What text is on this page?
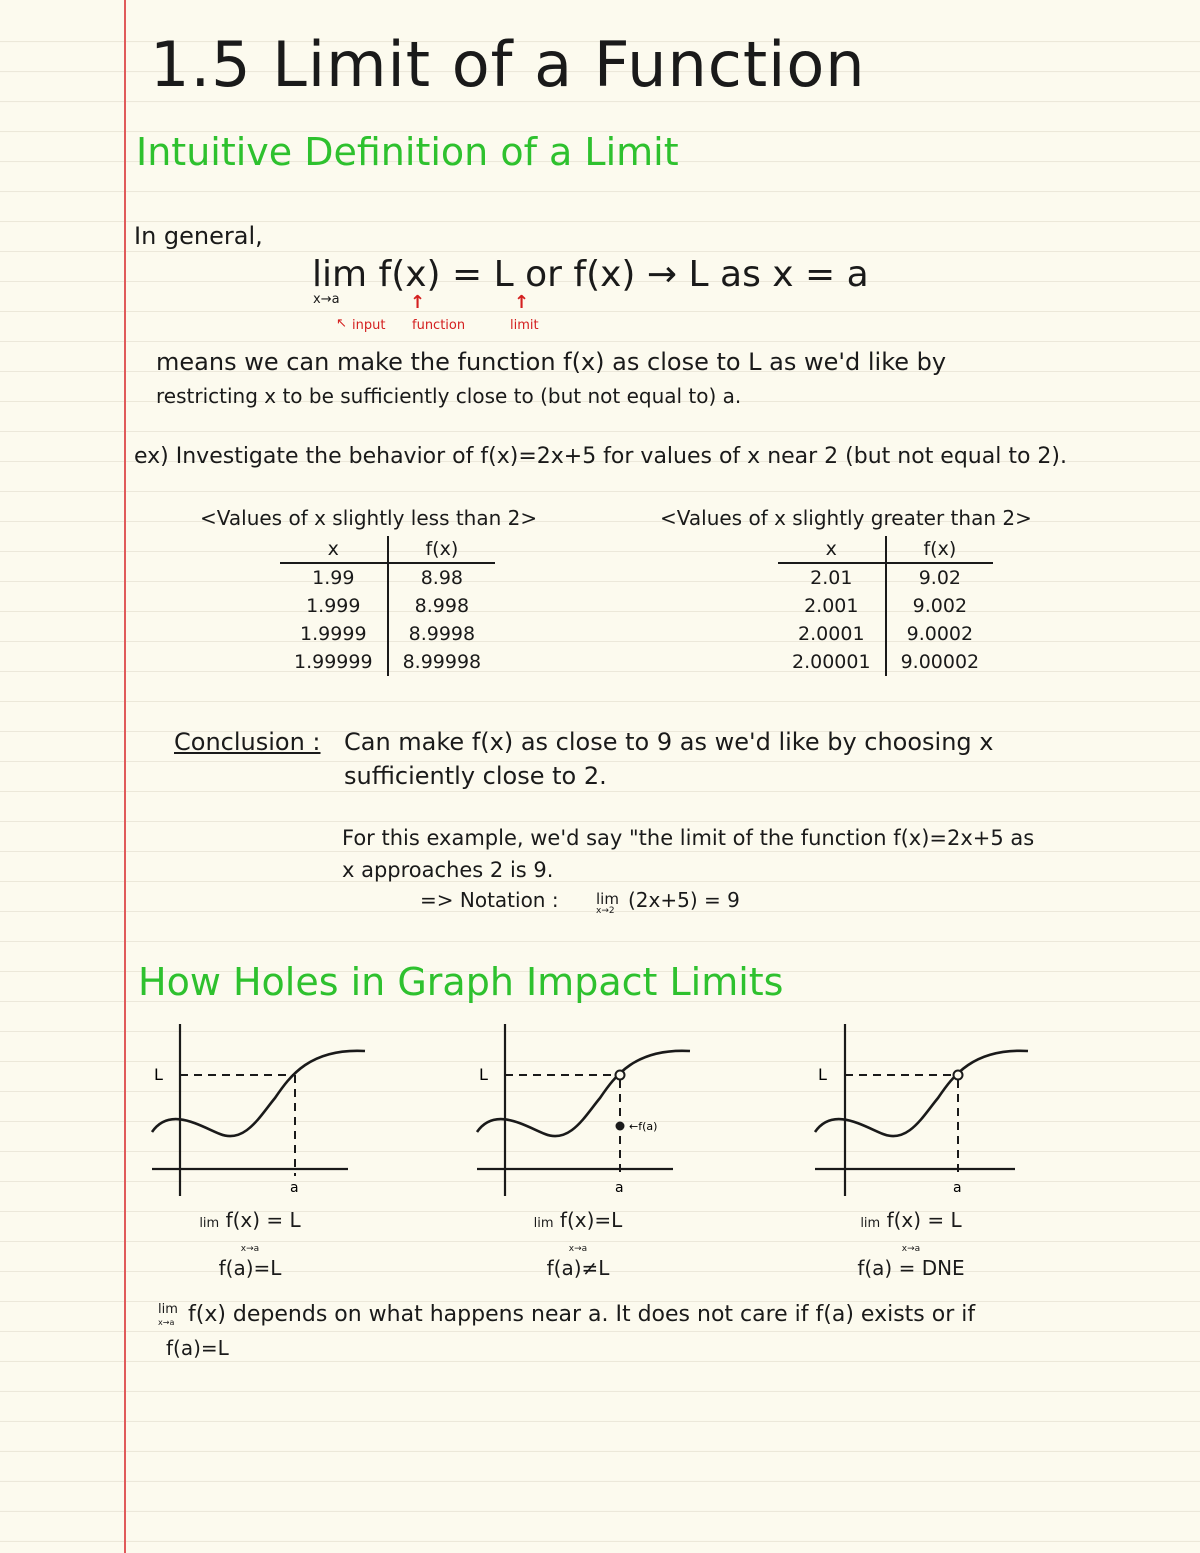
1.5 Limit of a Function
Intuitive Definition of a Limit
In general,
lim f(x) = L or f(x) → L as x = a
x→a	↑	↑
↖ input function	limit
means we can make the function f(x) as close to L as we'd like by
restricting x to be sufficiently close to (but not equal to) a.
ex) Investigate the behavior of f(x)=2x+5 for values of x near 2 (but not equal to 2).
<Values of x slightly less than 2>
x	f(x)
1.99	8.98
1.999	8.998
1.9999	8.9998
1.99999	8.99998
<Values of x slightly greater than 2>
x	f(x)
2.01	9.02
2.001	9.002
2.0001	9.0002
2.00001	9.00002
Conclusion : Can make f(x) as close to 9 as we'd like by choosing x
sufficiently close to 2.
For this example, we'd say "the limit of the function f(x)=2x+5 as
x approaches 2 is 9.
=> Notation : lim
x→2 (2x+5) = 9
How Holes in Graph Impact Limits
L
a
lim f(x) = L
x→a
f(a)=L
←f(a)
L
a
lim f(x)=L
x→a
f(a)≠L
L
a
lim f(x) = L
x→a
f(a) = DNE
lim
x→a f(x) depends on what happens near a. It does not care if f(a) exists or if
f(a)=L
